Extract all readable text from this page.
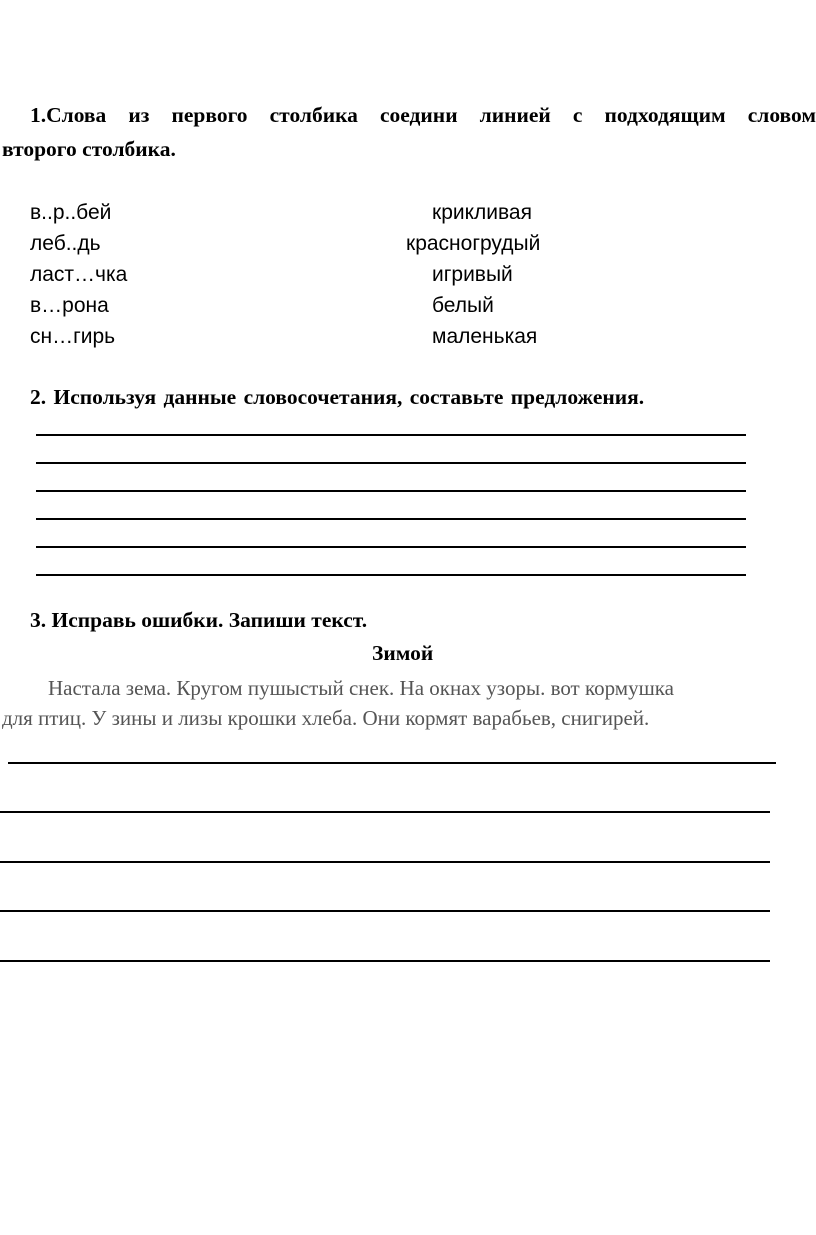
1.Слова из первого столбика соедини линией с подходящим словом
второго столбика.
в..р..бей
леб..дь
ласт…чка
в…рона
сн…гирь
крикливая
красногрудый
игривый
белый
маленькая
2. Используя данные словосочетания, составьте предложения.
3. Исправь ошибки. Запиши текст.
Зимой
Настала зема. Кругом пушыстый снек. На окнах узоры. вот кормушка
для птиц. У зины и лизы крошки хлеба. Они кормят варабьев, снигирей.
